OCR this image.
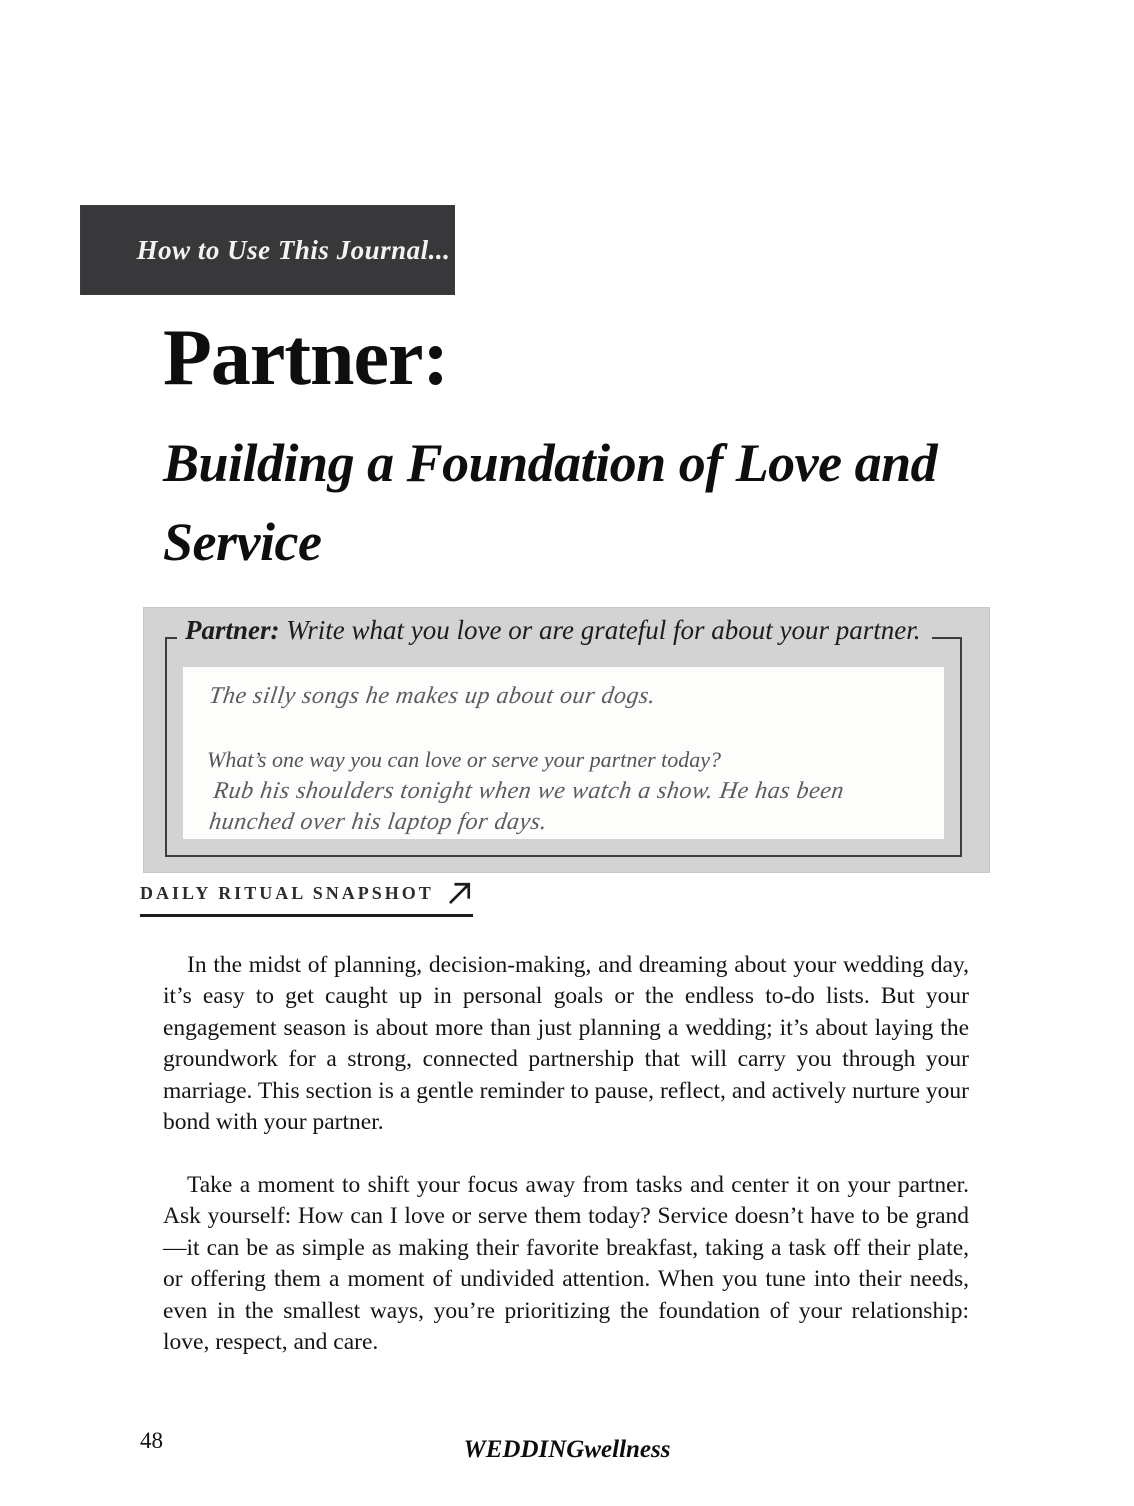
How to Use This Journal...
Partner:
Building a Foundation of Love and Service
Partner: Write what you love or are grateful for about your partner.
The silly songs he makes up about our dogs.
What’s one way you can love or serve your partner today?
Rub his shoulders tonight when we watch a show. He has been hunched over his laptop for days.
DAILY RITUAL SNAPSHOT

In the midst of planning, decision-making, and dreaming about your wedding day, it’s easy to get caught up in personal goals or the endless to-do lists. But your engagement season is about more than just planning a wedding; it’s about laying the groundwork for a strong, connected partnership that will carry you through your marriage. This section is a gentle reminder to pause, reflect, and actively nurture your bond with your partner.

Take a moment to shift your focus away from tasks and center it on your partner. Ask yourself: How can I love or serve them today? Service doesn’t have to be grand—it can be as simple as making their favorite breakfast, taking a task off their plate, or offering them a moment of undivided attention. When you tune into their needs, even in the smallest ways, you’re prioritizing the foundation of your relationship: love, respect, and care.

48	WEDDINGwellness
